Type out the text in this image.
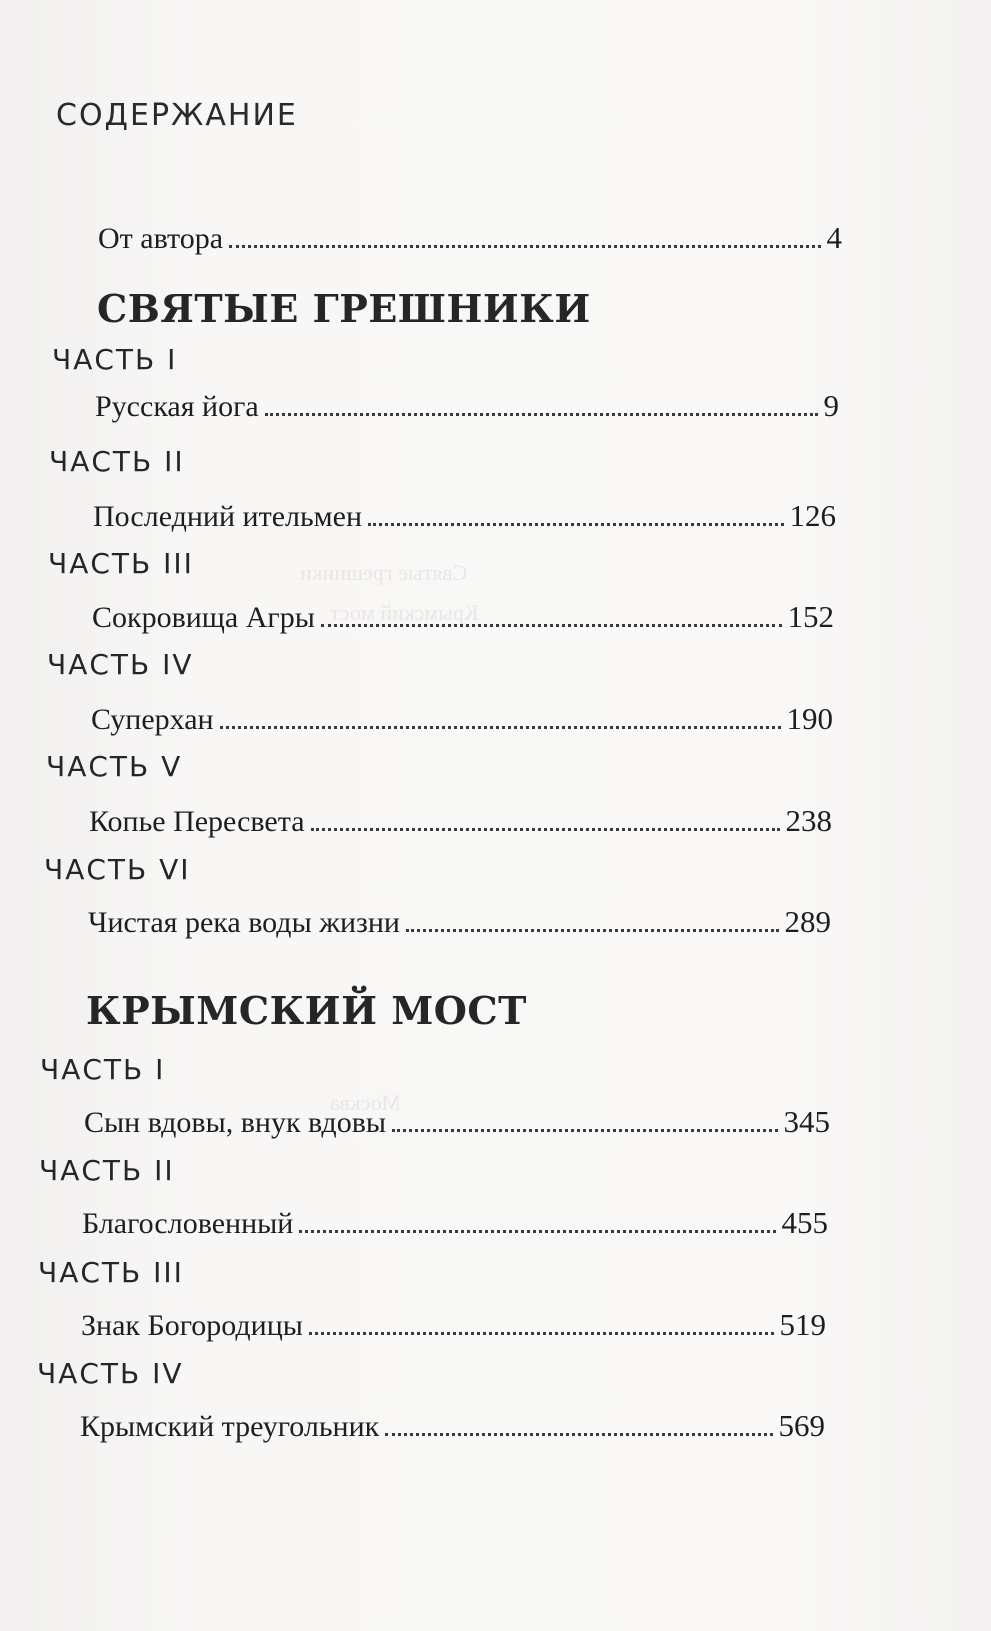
Святые грешники
Крымский мост
Москва
СОДЕРЖАНИЕ
От автора	4
СВЯТЫЕ ГРЕШНИКИ
ЧАСТЬ I
Русская йога	9
ЧАСТЬ II
Последний ительмен	126
ЧАСТЬ III
Сокровища Агры	152
ЧАСТЬ IV
Суперхан	190
ЧАСТЬ V
Копье Пересвета	238
ЧАСТЬ VI
Чистая река воды жизни	289
КРЫМСКИЙ МОСТ
ЧАСТЬ I
Сын вдовы, внук вдовы	345
ЧАСТЬ II
Благословенный	455
ЧАСТЬ III
Знак Богородицы	519
ЧАСТЬ IV
Крымский треугольник	569
